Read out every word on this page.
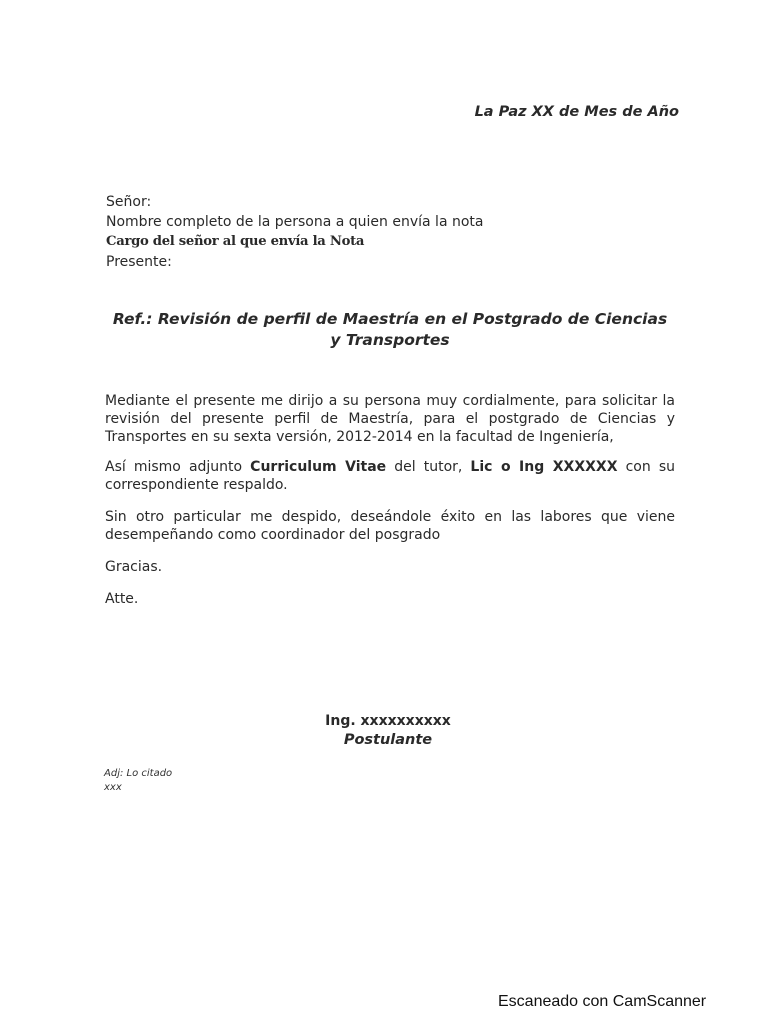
La Paz XX de Mes de Año
Señor:
Nombre completo de la persona a quien envía la nota
Cargo del señor al que envía la Nota
Presente:
Ref.: Revisión de perfil de Maestría en el Postgrado de Ciencias
y Transportes

Mediante el presente me dirijo a su persona muy cordialmente, para solicitar la revisión del presente perfil de Maestría, para el postgrado de Ciencias y Transportes en su sexta versión, 2012-2014 en la facultad de Ingeniería,

Así mismo adjunto Curriculum Vitae del tutor, Lic o Ing XXXXXX con su correspondiente respaldo.

Sin otro particular me despido, deseándole éxito en las labores que viene desempeñando como coordinador del posgrado

Gracias.

Atte.

Ing. xxxxxxxxxx
Postulante
Adj: Lo citado
xxx
Escaneado con CamScanner
